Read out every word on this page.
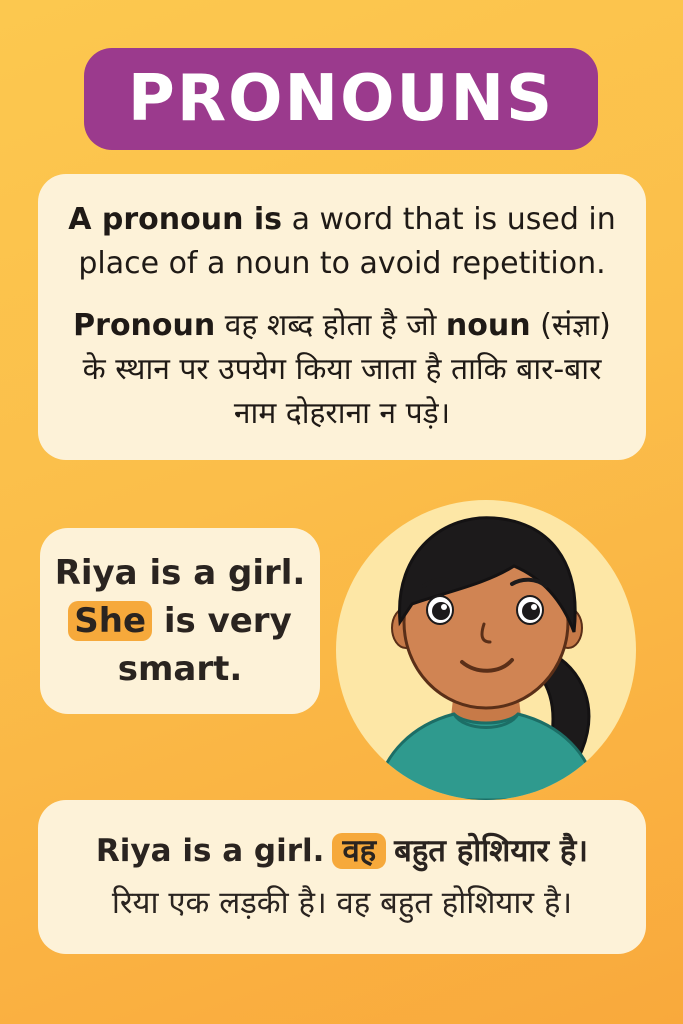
PRONOUNS

A pronoun is a word that is used in place of a noun to avoid repetition.

Pronoun वह शब्द होता है जो noun (संज्ञा) के स्थान पर उपयेग किया जाता है ताकि बार-बार नाम दोहराना न पड़े।

Riya is a girl.
She is very
smart.
Riya is a girl. वह बहुत होशियार है।
रिया एक लड़की है। वह बहुत होशियार है।
